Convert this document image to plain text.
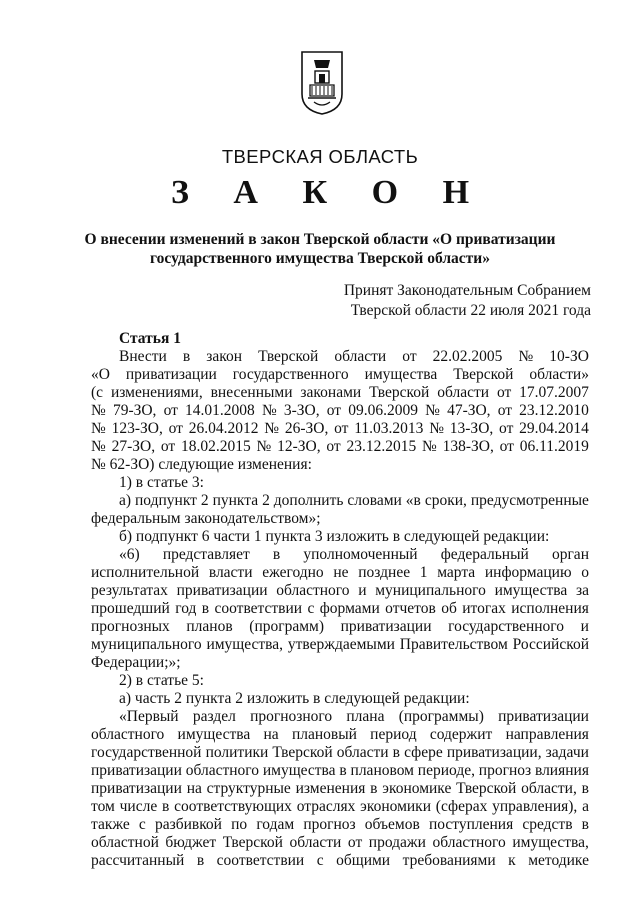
ТВЕРСКАЯ ОБЛАСТЬ
З А К О Н
О внесении изменений в закон Тверской области «О приватизации
государственного имущества Тверской области»
Принят Законодательным Собранием
Тверской области 22 июля 2021 года
Статья 1
Внести в закон Тверской области от 22.02.2005 № 10-ЗО
«О приватизации государственного имущества Тверской области»
(с изменениями, внесенными законами Тверской области от 17.07.2007
№ 79-ЗО, от 14.01.2008 № 3-ЗО, от 09.06.2009 № 47-ЗО, от 23.12.2010
№ 123-ЗО, от 26.04.2012 № 26-ЗО, от 11.03.2013 № 13-ЗО, от 29.04.2014
№ 27-ЗО, от 18.02.2015 № 12-ЗО, от 23.12.2015 № 138-ЗО, от 06.11.2019
№ 62-ЗО) следующие изменения:
1) в статье 3:
а) подпункт 2 пункта 2 дополнить словами «в сроки, предусмотренные
федеральным законодательством»;
б) подпункт 6 части 1 пункта 3 изложить в следующей редакции:
«6) представляет в уполномоченный федеральный орган
исполнительной власти ежегодно не позднее 1 марта информацию о
результатах приватизации областного и муниципального имущества за
прошедший год в соответствии с формами отчетов об итогах исполнения
прогнозных планов (программ) приватизации государственного и
муниципального имущества, утверждаемыми Правительством Российской
Федерации;»;
2) в статье 5:
а) часть 2 пункта 2 изложить в следующей редакции:
«Первый раздел прогнозного плана (программы) приватизации
областного имущества на плановый период содержит направления
государственной политики Тверской области в сфере приватизации, задачи
приватизации областного имущества в плановом периоде, прогноз влияния
приватизации на структурные изменения в экономике Тверской области, в
том числе в соответствующих отраслях экономики (сферах управления), а
также с разбивкой по годам прогноз объемов поступления средств в
областной бюджет Тверской области от продажи областного имущества,
рассчитанный в соответствии с общими требованиями к методике
